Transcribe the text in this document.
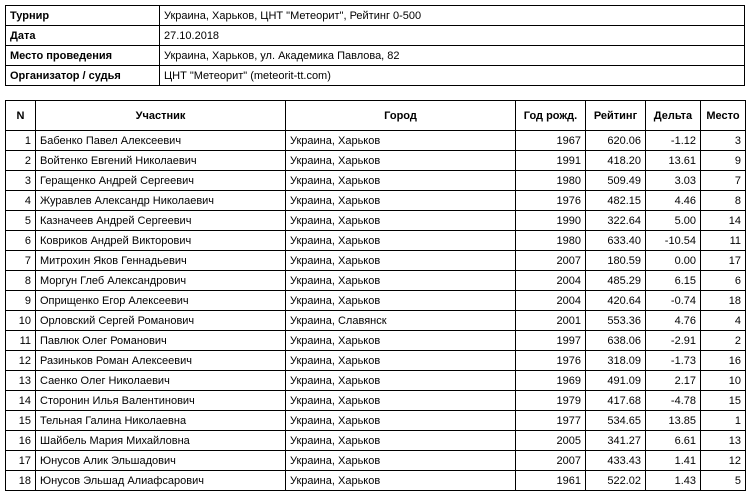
Турнир	Украина, Харьков, ЦНТ "Метеорит", Рейтинг 0-500
Дата	27.10.2018
Место проведения	Украина, Харьков, ул. Академика Павлова, 82
Организатор / судья	ЦНТ "Метеорит" (meteorit-tt.com)
N	Участник	Город	Год рожд.	Рейтинг	Дельта	Место
1	Бабенко Павел Алексеевич	Украина, Харьков	1967	620.06	-1.12	3
2	Войтенко Евгений Николаевич	Украина, Харьков	1991	418.20	13.61	9
3	Геращенко Андрей Сергеевич	Украина, Харьков	1980	509.49	3.03	7
4	Журавлев Александр Николаевич	Украина, Харьков	1976	482.15	4.46	8
5	Казначеев Андрей Сергеевич	Украина, Харьков	1990	322.64	5.00	14
6	Ковриков Андрей Викторович	Украина, Харьков	1980	633.40	-10.54	11
7	Митрохин Яков Геннадьевич	Украина, Харьков	2007	180.59	0.00	17
8	Моргун Глеб Александрович	Украина, Харьков	2004	485.29	6.15	6
9	Оприщенко Егор Алексеевич	Украина, Харьков	2004	420.64	-0.74	18
10	Орловский Сергей Романович	Украина, Славянск	2001	553.36	4.76	4
11	Павлюк Олег Романович	Украина, Харьков	1997	638.06	-2.91	2
12	Разиньков Роман Алексеевич	Украина, Харьков	1976	318.09	-1.73	16
13	Саенко Олег Николаевич	Украина, Харьков	1969	491.09	2.17	10
14	Сторонин Илья Валентинович	Украина, Харьков	1979	417.68	-4.78	15
15	Тельная Галина Николаевна	Украина, Харьков	1977	534.65	13.85	1
16	Шайбель Мария Михайловна	Украина, Харьков	2005	341.27	6.61	13
17	Юнусов Алик Эльшадович	Украина, Харьков	2007	433.43	1.41	12
18	Юнусов Эльшад Алиафсарович	Украина, Харьков	1961	522.02	1.43	5
